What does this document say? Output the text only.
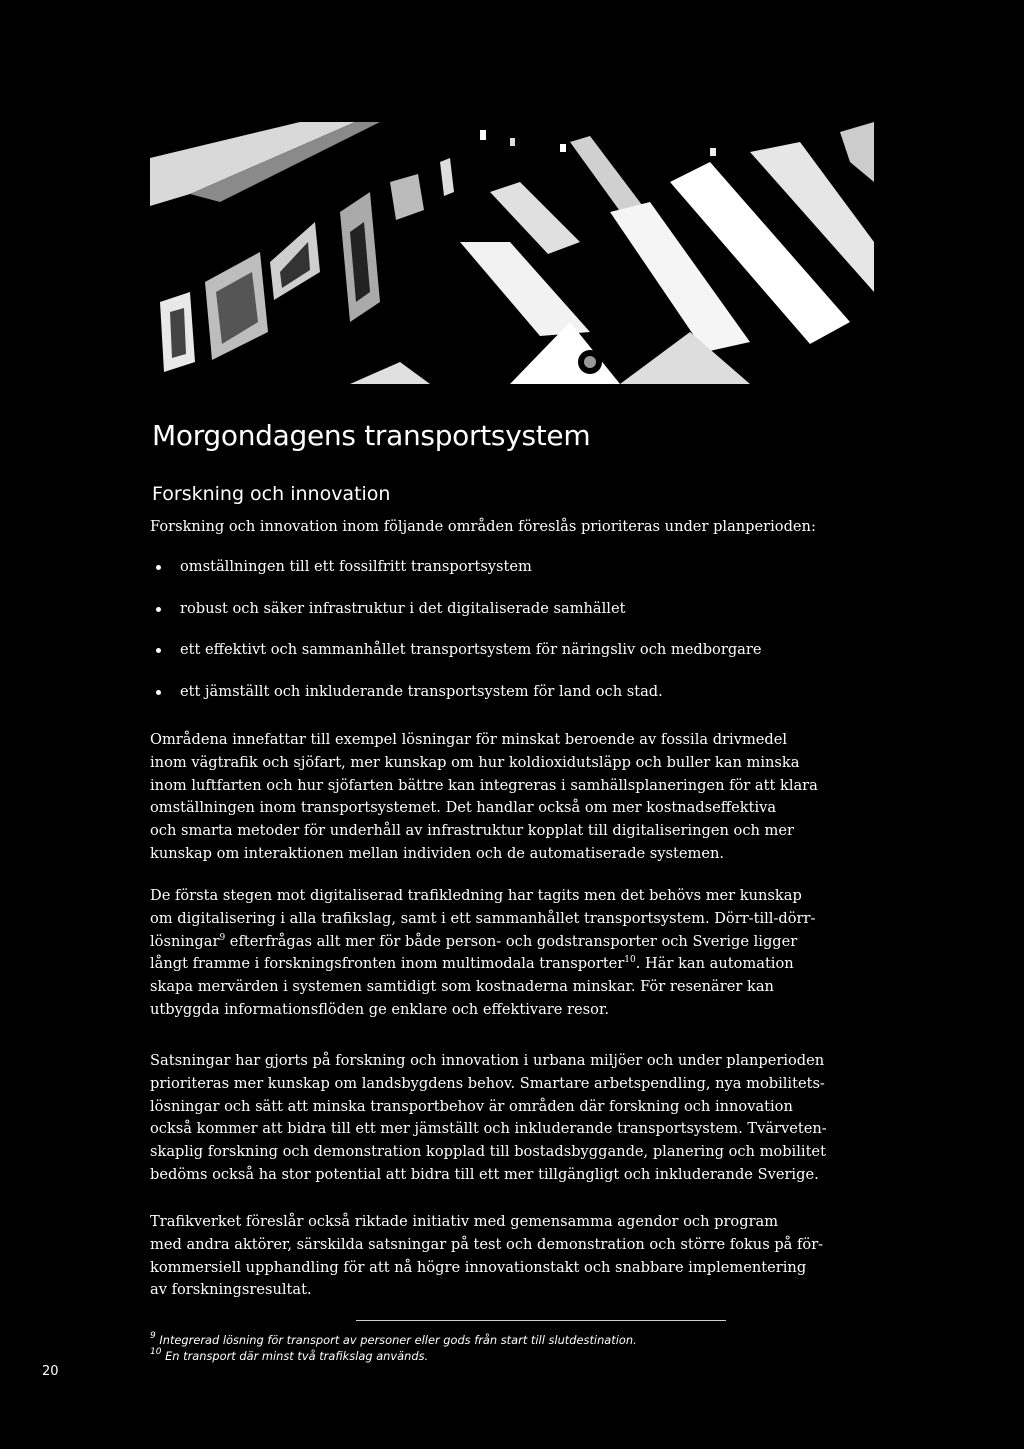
Morgondagens transportsystem
Forskning och innovation

Forskning och innovation inom följande områden föreslås prioriteras under planperioden:

omställningen till ett fossilfritt transportsystem
robust och säker infrastruktur i det digitaliserade samhället
ett effektivt och sammanhållet transportsystem för näringsliv och medborgare
ett jämställt och inkluderande transportsystem för land och stad.

Områdena innefattar till exempel lösningar för minskat beroende av fossila drivmedel
inom vägtrafik och sjöfart, mer kunskap om hur koldioxidutsläpp och buller kan minska
inom luftfarten och hur sjöfarten bättre kan integreras i samhällsplaneringen för att klara
omställningen inom transportsystemet. Det handlar också om mer kostnadseffektiva
och smarta metoder för underhåll av infrastruktur kopplat till digitaliseringen och mer
kunskap om interaktionen mellan individen och de automatiserade systemen.

De första stegen mot digitaliserad trafikledning har tagits men det behövs mer kunskap
om digitalisering i alla trafikslag, samt i ett sammanhållet transportsystem. Dörr-till-dörr-
lösningar$^9$ efterfrågas allt mer för både person- och godstransporter och Sverige ligger
långt framme i forskningsfronten inom multimodala transporter$^{10}$. Här kan automation
skapa mervärden i systemen samtidigt som kostnaderna minskar. För resenärer kan
utbyggda informationsflöden ge enklare och effektivare resor.

Satsningar har gjorts på forskning och innovation i urbana miljöer och under planperioden
prioriteras mer kunskap om landsbygdens behov. Smartare arbetspendling, nya mobilitets-
lösningar och sätt att minska transportbehov är områden där forskning och innovation
också kommer att bidra till ett mer jämställt och inkluderande transportsystem. Tvärveten-
skaplig forskning och demonstration kopplad till bostadsbyggande, planering och mobilitet
bedöms också ha stor potential att bidra till ett mer tillgängligt och inkluderande Sverige.

Trafikverket föreslår också riktade initiativ med gemensamma agendor och program
med andra aktörer, särskilda satsningar på test och demonstration och större fokus på för-
kommersiell upphandling för att nå högre innovationstakt och snabbare implementering
av forskningsresultat.

$^9$ Integrerad lösning för transport av personer eller gods från start till slutdestination.
$^{10}$ En transport där minst två trafikslag används.
20
